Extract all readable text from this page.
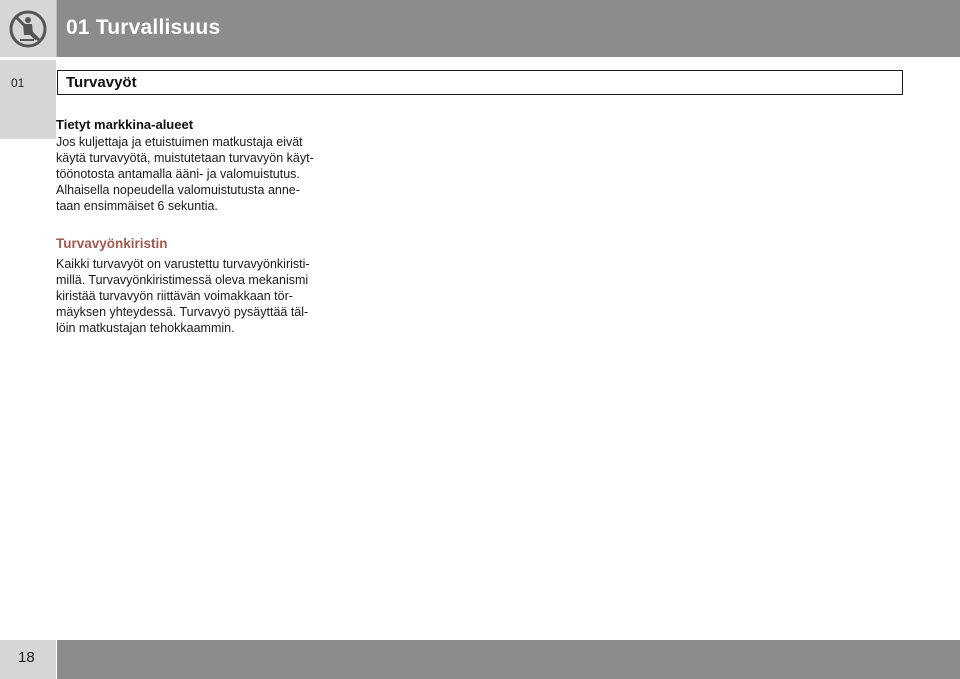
01 Turvallisuus
01	Turvavyöt
Tietyt markkina-alueet

Jos kuljettaja ja etuistuimen matkustaja eivät
käytä turvavyötä, muistutetaan turvavyön käyt-
töönotosta antamalla ääni- ja valomuistutus.
Alhaisella nopeudella valomuistutusta anne-
taan ensimmäiset 6 sekuntia.

Turvavyönkiristin

Kaikki turvavyöt on varustettu turvavyönkiristi-
millä. Turvavyönkiristimessä oleva mekanismi
kiristää turvavyön riittävän voimakkaan tör-
mäyksen yhteydessä. Turvavyö pysäyttää täl-
löin matkustajan tehokkaammin.

18
